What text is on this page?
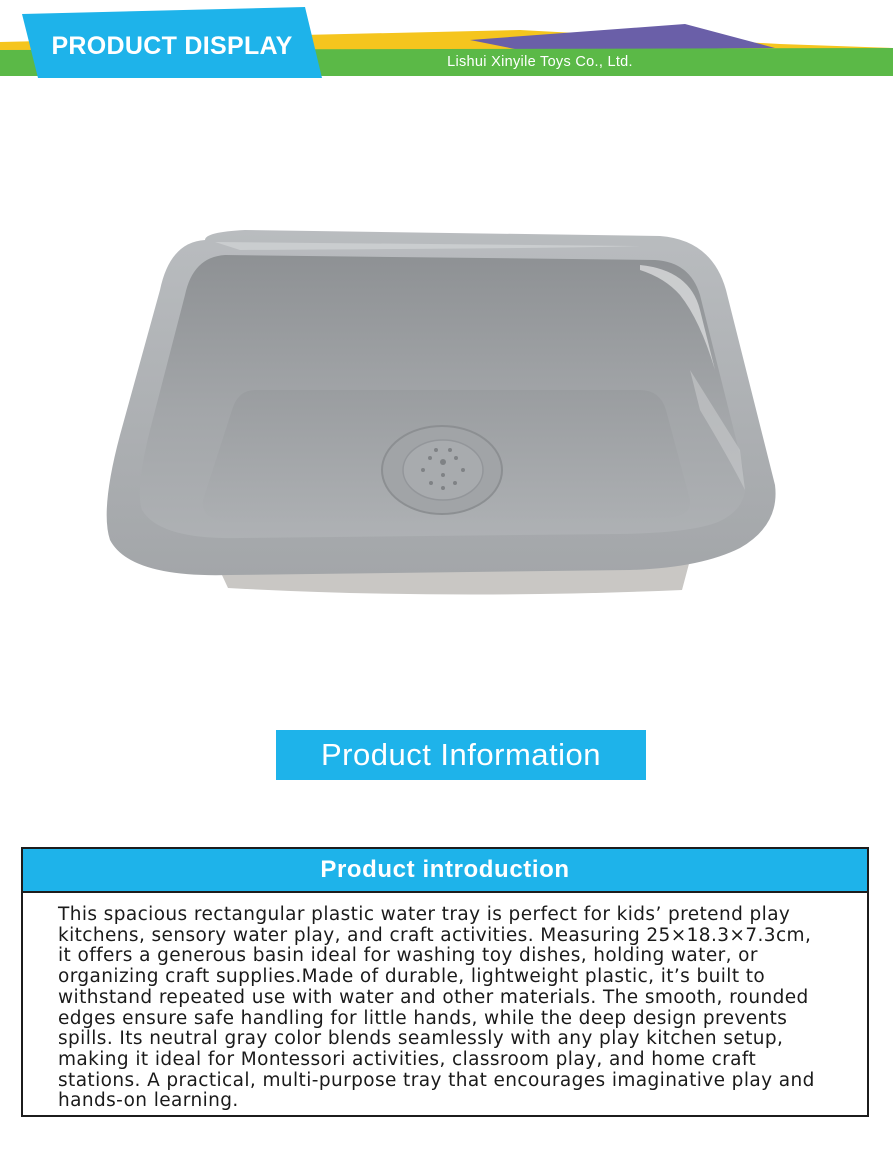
PRODUCT DISPLAY
Lishui Xinyile Toys Co., Ltd.
Product Information
Product introduction
This spacious rectangular plastic water tray is perfect for kids’ pretend play
kitchens, sensory water play, and craft activities. Measuring 25×18.3×7.3cm,
it offers a generous basin ideal for washing toy dishes, holding water, or
organizing craft supplies.Made of durable, lightweight plastic, it’s built to
withstand repeated use with water and other materials. The smooth, rounded
edges ensure safe handling for little hands, while the deep design prevents
spills. Its neutral gray color blends seamlessly with any play kitchen setup,
making it ideal for Montessori activities, classroom play, and home craft
stations. A practical, multi-purpose tray that encourages imaginative play and
hands-on learning.
